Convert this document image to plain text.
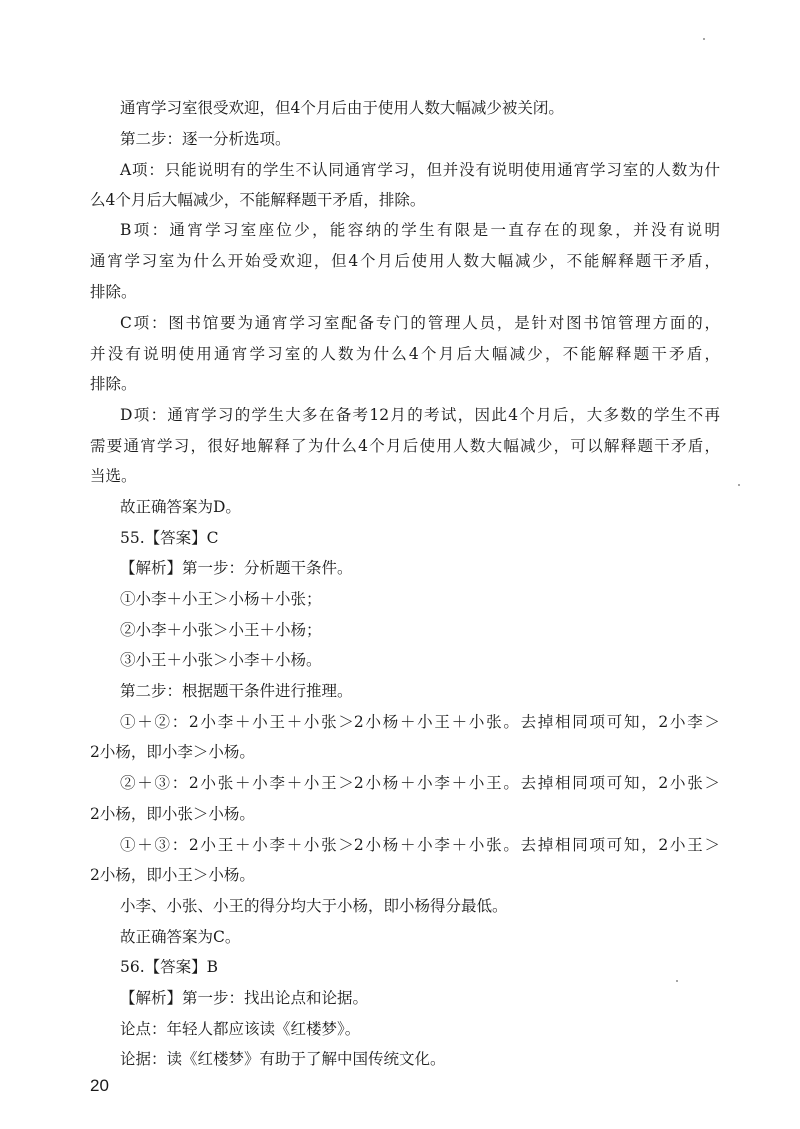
通宵学习室很受欢迎，但4个月后由于使用人数大幅减少被关闭。
第二步：逐一分析选项。
A项：只能说明有的学生不认同通宵学习，但并没有说明使用通宵学习室的人数为什
么4个月后大幅减少，不能解释题干矛盾，排除。
B项：通宵学习室座位少，能容纳的学生有限是一直存在的现象，并没有说明
通宵学习室为什么开始受欢迎，但4个月后使用人数大幅减少，不能解释题干矛盾，
排除。
C项：图书馆要为通宵学习室配备专门的管理人员，是针对图书馆管理方面的，
并没有说明使用通宵学习室的人数为什么4个月后大幅减少，不能解释题干矛盾，
排除。
D项：通宵学习的学生大多在备考12月的考试，因此4个月后，大多数的学生不再
需要通宵学习，很好地解释了为什么4个月后使用人数大幅减少，可以解释题干矛盾，
当选。
故正确答案为D。
55.【答案】C
【解析】第一步：分析题干条件。
①小李＋小王＞小杨＋小张；
②小李＋小张＞小王＋小杨；
③小王＋小张＞小李＋小杨。
第二步：根据题干条件进行推理。
①＋②：2小李＋小王＋小张＞2小杨＋小王＋小张。去掉相同项可知，2小李＞
2小杨，即小李＞小杨。
②＋③：2小张＋小李＋小王＞2小杨＋小李＋小王。去掉相同项可知，2小张＞
2小杨，即小张＞小杨。
①＋③：2小王＋小李＋小张＞2小杨＋小李＋小张。去掉相同项可知，2小王＞
2小杨，即小王＞小杨。
小李、小张、小王的得分均大于小杨，即小杨得分最低。
故正确答案为C。
56.【答案】B
【解析】第一步：找出论点和论据。
论点：年轻人都应该读《红楼梦》。
论据：读《红楼梦》有助于了解中国传统文化。
20
